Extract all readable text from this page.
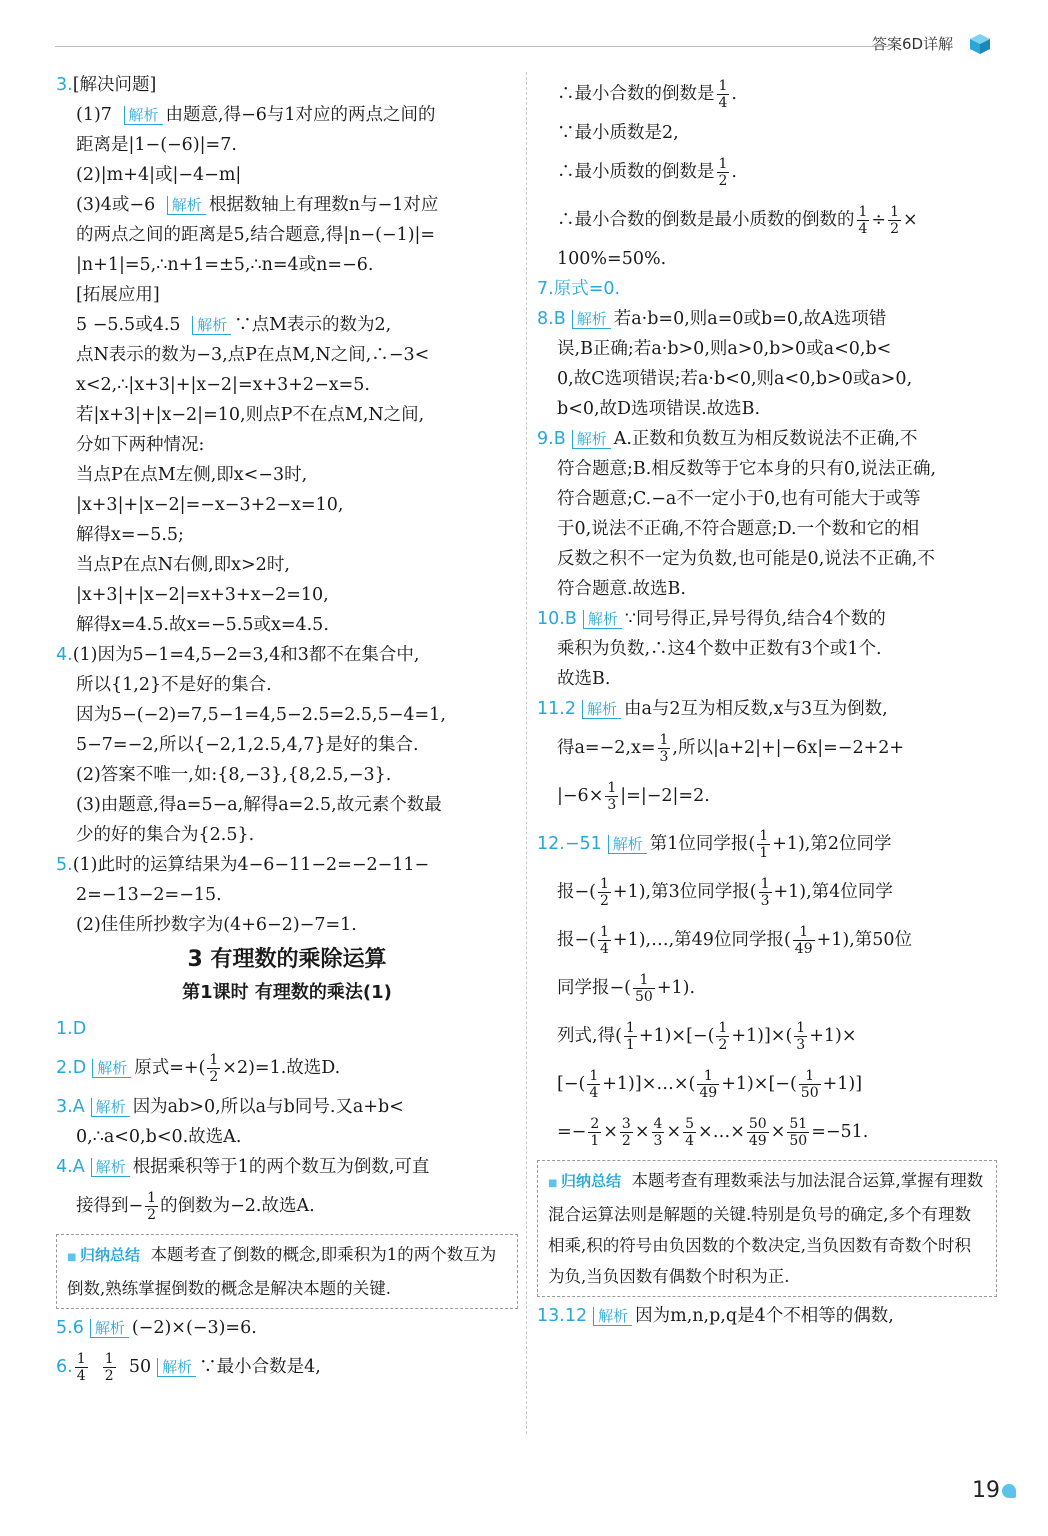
答案6D详解
3.[解决问题]
(1)7 解析 由题意,得−6与1对应的两点之间的
距离是|1−(−6)|=7.
(2)|m+4|或|−4−m|
(3)4或−6 解析 根据数轴上有理数n与−1对应
的两点之间的距离是5,结合题意,得|n−(−1)|=
|n+1|=5,∴n+1=±5,∴n=4或n=−6.
[拓展应用]
5 −5.5或4.5 解析 ∵点M表示的数为2,
点N表示的数为−3,点P在点M,N之间,∴−3<
x<2,∴|x+3|+|x−2|=x+3+2−x=5.
若|x+3|+|x−2|=10,则点P不在点M,N之间,
分如下两种情况:
当点P在点M左侧,即x<−3时,
|x+3|+|x−2|=−x−3+2−x=10,
解得x=−5.5;
当点P在点N右侧,即x>2时,
|x+3|+|x−2|=x+3+x−2=10,
解得x=4.5.故x=−5.5或x=4.5.
4.(1)因为5−1=4,5−2=3,4和3都不在集合中,
所以{1,2}不是好的集合.
因为5−(−2)=7,5−1=4,5−2.5=2.5,5−4=1,
5−7=−2,所以{−2,1,2.5,4,7}是好的集合.
(2)答案不唯一,如:{8,−3},{8,2.5,−3}.
(3)由题意,得a=5−a,解得a=2.5,故元素个数最
少的好的集合为{2.5}.
5.(1)此时的运算结果为4−6−11−2=−2−11−
2=−13−2=−15.
(2)佳佳所抄数字为(4+6−2)−7=1.
3 有理数的乘除运算
第1课时 有理数的乘法(1)
1.D
2.D 解析 原式=+( $\frac{1}{2} \times 2)=1$.故选D.
3.A 解析 因为ab>0,所以a与b同号.又a+b<
0,∴a<0,b<0.故选A.
4.A 解析 根据乘积等于1的两个数互为倒数,可直
接得到− $\frac{1}{2}$ 的倒数为−2.故选A.
■ 归纳总结 本题考查了倒数的概念,即乘积为1的两个数互为倒数,熟练掌握倒数的概念是解决本题的关键.
5.6 解析 (−2)×(−3)=6.
6. $\frac{1}{4}$
$\frac{1}{2} 50$ 解析 ∵最小合数是4,
∴最小合数的倒数是 $\frac{1}{4}$ .
∵最小质数是2,
∴最小质数的倒数是 $\frac{1}{2}$ .
∴最小合数的倒数是最小质数的倒数的 $\frac{1}{4} \div \frac{1}{2}$ ×
100%=50%.
7.原式=0.
8.B 解析 若a·b=0,则a=0或b=0,故A选项错
误,B正确;若a·b>0,则a>0,b>0或a<0,b<
0,故C选项错误;若a·b<0,则a<0,b>0或a>0,
b<0,故D选项错误.故选B.
9.B 解析 A.正数和负数互为相反数说法不正确,不
符合题意;B.相反数等于它本身的只有0,说法正确,
符合题意;C.−a不一定小于0,也有可能大于或等
于0,说法不正确,不符合题意;D.一个数和它的相
反数之积不一定为负数,也可能是0,说法不正确,不
符合题意.故选B.
10.B 解析 ∵同号得正,异号得负,结合4个数的
乘积为负数,∴这4个数中正数有3个或1个.
故选B.
11.2 解析 由a与2互为相反数,x与3互为倒数,
得$a=-2,x= \frac{1}{3}$ ,所以|a+2|+|−6x|=−2+2+
$|-6\times \frac{1}{3} |=|-2|=2$.
12.−51 解析 第1位同学报( $\frac{1}{1} +1$),第2位同学
报−( $\frac{1}{2} +1$),第3位同学报( $\frac{1}{3} +1$),第4位同学
报−( $\frac{1}{4}$ +1),…,第49位同学报( $\frac{1}{49} +1$),第50位
同学报−( $\frac{1}{50} +1$).
列式,得( $\frac{1}{1} +1)\times[-( \frac{1}{2} +1)]\times( \frac{1}{3} +1)\times$
[−( $\frac{1}{4}$ +1)]×…×( $\frac{1}{49} +1)\times[-( \frac{1}{50} +1)]$
=− $\frac{2}{1} \times \frac{3}{2} \times \frac{4}{3} \times \frac{5}{4}$ ×…× $\frac{50}{49} \times \frac{51}{50} =-51$.
■ 归纳总结 本题考查有理数乘法与加法混合运算,掌握有理数混合运算法则是解题的关键.特别是负号的确定,多个有理数相乘,积的符号由负因数的个数决定,当负因数有奇数个时积为负,当负因数有偶数个时积为正.
13.12 解析 因为m,n,p,q是4个不相等的偶数,
19
